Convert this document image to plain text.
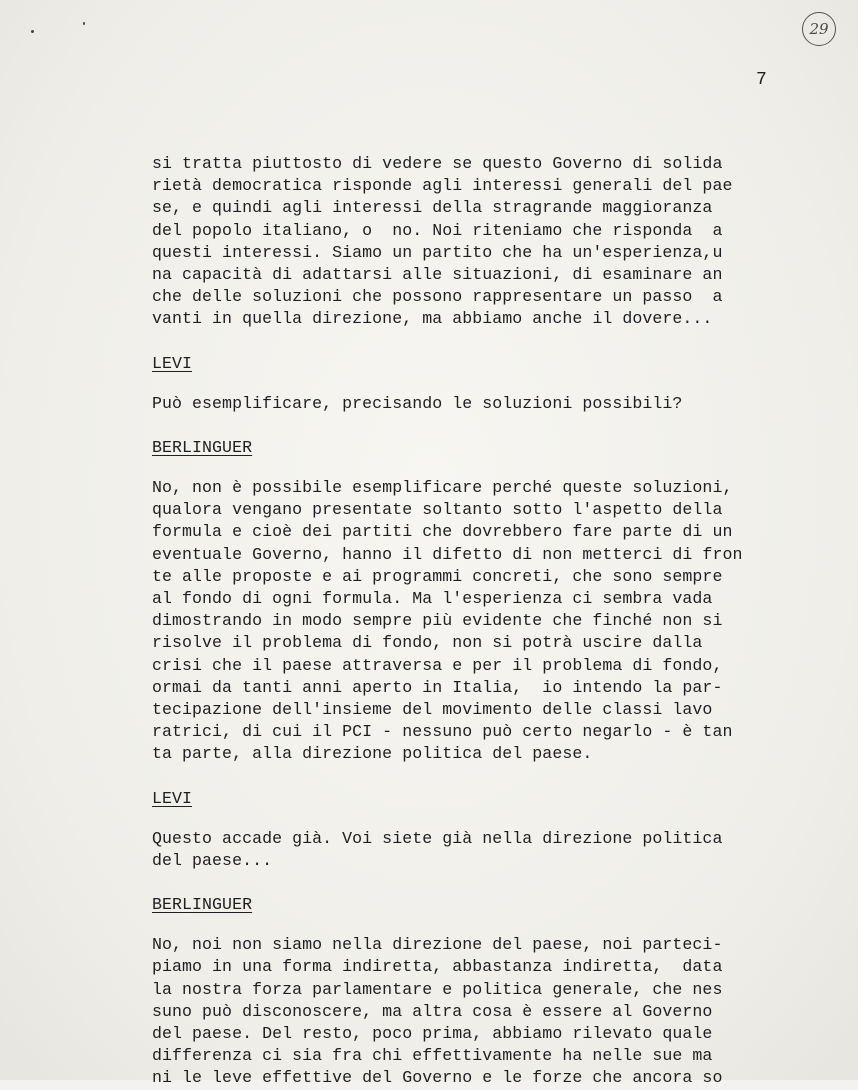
29
7
si tratta piuttosto di vedere se questo Governo di solida
rietà democratica risponde agli interessi generali del pae
se, e quindi agli interessi della stragrande maggioranza
del popolo italiano, o  no. Noi riteniamo che risponda  a
questi interessi. Siamo un partito che ha un'esperienza,u
na capacità di adattarsi alle situazioni, di esaminare an
che delle soluzioni che possono rappresentare un passo  a
vanti in quella direzione, ma abbiamo anche il dovere...
LEVI
Può esemplificare, precisando le soluzioni possibili?
BERLINGUER
No, non è possibile esemplificare perché queste soluzioni,
qualora vengano presentate soltanto sotto l'aspetto della
formula e cioè dei partiti che dovrebbero fare parte di un
eventuale Governo, hanno il difetto di non metterci di fron
te alle proposte e ai programmi concreti, che sono sempre
al fondo di ogni formula. Ma l'esperienza ci sembra vada
dimostrando in modo sempre più evidente che finché non si
risolve il problema di fondo, non si potrà uscire dalla
crisi che il paese attraversa e per il problema di fondo,
ormai da tanti anni aperto in Italia,  io intendo la par-
tecipazione dell'insieme del movimento delle classi lavo
ratrici, di cui il PCI - nessuno può certo negarlo - è tan
ta parte, alla direzione politica del paese.
LEVI
Questo accade già. Voi siete già nella direzione politica
del paese...
BERLINGUER
No, noi non siamo nella direzione del paese, noi parteci-
piamo in una forma indiretta, abbastanza indiretta,  data
la nostra forza parlamentare e politica generale, che nes
suno può disconoscere, ma altra cosa è essere al Governo
del paese. Del resto, poco prima, abbiamo rilevato quale
differenza ci sia fra chi effettivamente ha nelle sue ma
ni le leve effettive del Governo e le forze che ancora so
